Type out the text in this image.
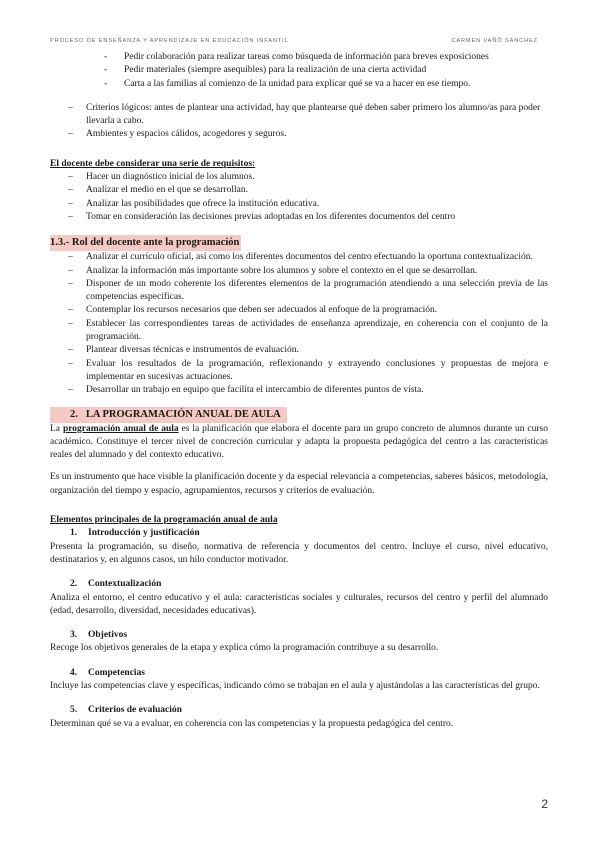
PROCESO DE ENSEÑANZA Y APRENDIZAJE EN EDUCACIÓN INFANTIL	CARMEN VAÑÓ SÁNCHEZ
- Pedir colaboración para realizar tareas como búsqueda de información para breves exposiciones
- Pedir materiales (siempre asequibles) para la realización de una cierta actividad
- Carta a las familias al comienzo de la unidad para explicar qué se va a hacer en ese tiempo.
– Criterios lógicos: antes de plantear una actividad, hay que plantearse qué deben saber primero los alumno/as para poder llevarla a cabo.
– Ambientes y espacios cálidos, acogedores y seguros.
El docente debe considerar una serie de requisitos:
– Hacer un diagnóstico inicial de los alumnos.
– Analizar el medio en el que se desarrollan.
– Analizar las posibilidades que ofrece la institución educativa.
– Tomar en consideración las decisiones previas adoptadas en los diferentes documentos del centro
1.3.- Rol del docente ante la programación
– Analizar el currículo oficial, así como los diferentes documentos del centro efectuando la oportuna contextualización.
– Analizar la información más importante sobre los alumnos y sobre el contexto en el que se desarrollan.
– Disponer de un modo coherente los diferentes elementos de la programación atendiendo a una selección previa de las competencias específicas.
– Contemplar los recursos necesarios que deben ser adecuados al enfoque de la programación.
– Establecer las correspondientes tareas de actividades de enseñanza aprendizaje, en coherencia con el conjunto de la programación.
– Plantear diversas técnicas e instrumentos de evaluación.
– Evaluar los resultados de la programación, reflexionando y extrayendo conclusiones y propuestas de mejora e implementar en sucesivas actuaciones.
– Desarrollar un trabajo en equipo que facilita el intercambio de diferentes puntos de vista.
2. LA PROGRAMACIÓN ANUAL DE AULA

La programación anual de aula es la planificación que elabora el docente para un grupo concreto de alumnos durante un curso académico. Constituye el tercer nivel de concreción curricular y adapta la propuesta pedagógica del centro a las características reales del alumnado y del contexto educativo.

Es un instrumento que hace visible la planificación docente y da especial relevancia a competencias, saberes básicos, metodología, organización del tiempo y espacio, agrupamientos, recursos y criterios de evaluación.

Elementos principales de la programación anual de aula
1. Introducción y justificación

Presenta la programación, su diseño, normativa de referencia y documentos del centro. Incluye el curso, nivel educativo, destinatarios y, en algunos casos, un hilo conductor motivador.

2. Contextualización

Analiza el entorno, el centro educativo y el aula: características sociales y culturales, recursos del centro y perfil del alumnado (edad, desarrollo, diversidad, necesidades educativas).

3. Objetivos

Recoge los objetivos generales de la etapa y explica cómo la programación contribuye a su desarrollo.

4. Competencias

Incluye las competencias clave y específicas, indicando cómo se trabajan en el aula y ajustándolas a las características del grupo.

5. Criterios de evaluación

Determinan qué se va a evaluar, en coherencia con las competencias y la propuesta pedagógica del centro.

2
